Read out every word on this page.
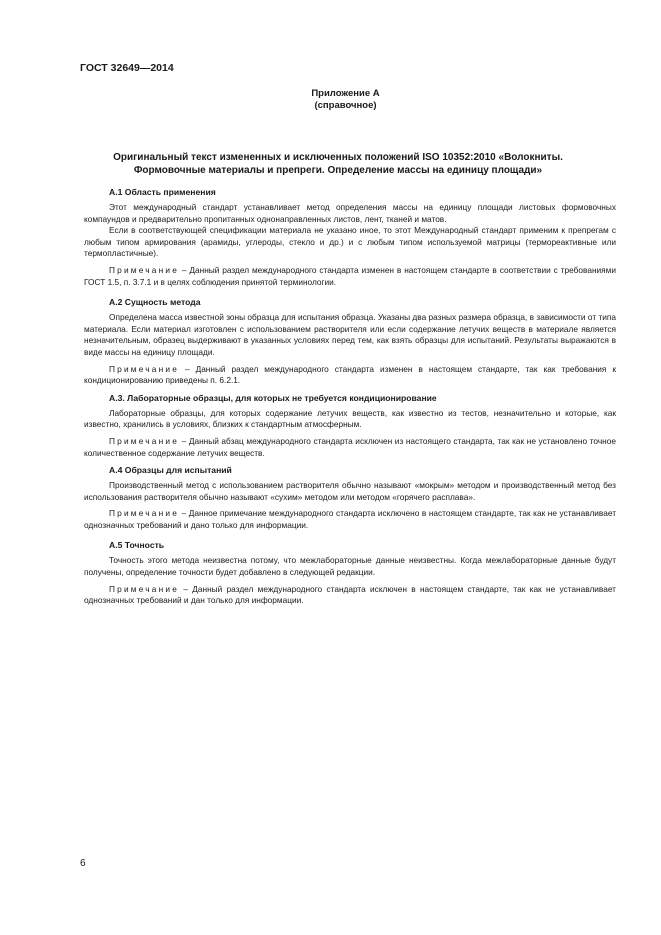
ГОСТ 32649—2014
Приложение А
(справочное)
Оригинальный текст измененных и исключенных положений ISO 10352:2010 «Волокниты.
Формовочные материалы и препреги. Определение массы на единицу площади»
А.1 Область применения

Этот международный стандарт устанавливает метод определения массы на единицу площади листовых формовочных компаундов и предварительно пропитанных однонаправленных листов, лент, тканей и матов.

Если в соответствующей спецификации материала не указано иное, то этот Международный стандарт применим к препрегам с любым типом армирования (арамиды, углероды, стекло и др.) и с любым типом используемой матрицы (термореактивные или термопластичные).

Примечание – Данный раздел международного стандарта изменен в настоящем стандарте в соответствии с требованиями ГОСТ 1.5, п. 3.7.1 и в целях соблюдения принятой терминологии.

А.2 Сущность метода

Определена масса известной зоны образца для испытания образца. Указаны два разных размера образца, в зависимости от типа материала. Если материал изготовлен с использованием растворителя или если содержание летучих веществ в материале является незначительным, образец выдерживают в указанных условиях перед тем, как взять образцы для испытаний. Результаты выражаются в виде массы на единицу площади.

Примечание – Данный раздел международного стандарта изменен в настоящем стандарте, так как требования к кондиционированию приведены п. 6.2.1.

А.3. Лабораторные образцы, для которых не требуется кондиционирование

Лабораторные образцы, для которых содержание летучих веществ, как известно из тестов, незначительно и которые, как известно, хранились в условиях, близких к стандартным атмосферным.

Примечание – Данный абзац международного стандарта исключен из настоящего стандарта, так как не установлено точное количественное содержание летучих веществ.

А.4 Образцы для испытаний

Производственный метод с использованием растворителя обычно называют «мокрым» методом и производственный метод без использования растворителя обычно называют «сухим» методом или методом «горячего расплава».

Примечание – Данное примечание международного стандарта исключено в настоящем стандарте, так как не устанавливает однозначных требований и дано только для информации.

А.5 Точность

Точность этого метода неизвестна потому, что межлабораторные данные неизвестны. Когда межлабораторные данные будут получены, определение точности будет добавлено в следующей редакции.

Примечание – Данный раздел международного стандарта исключен в настоящем стандарте, так как не устанавливает однозначных требований и дан только для информации.

6
